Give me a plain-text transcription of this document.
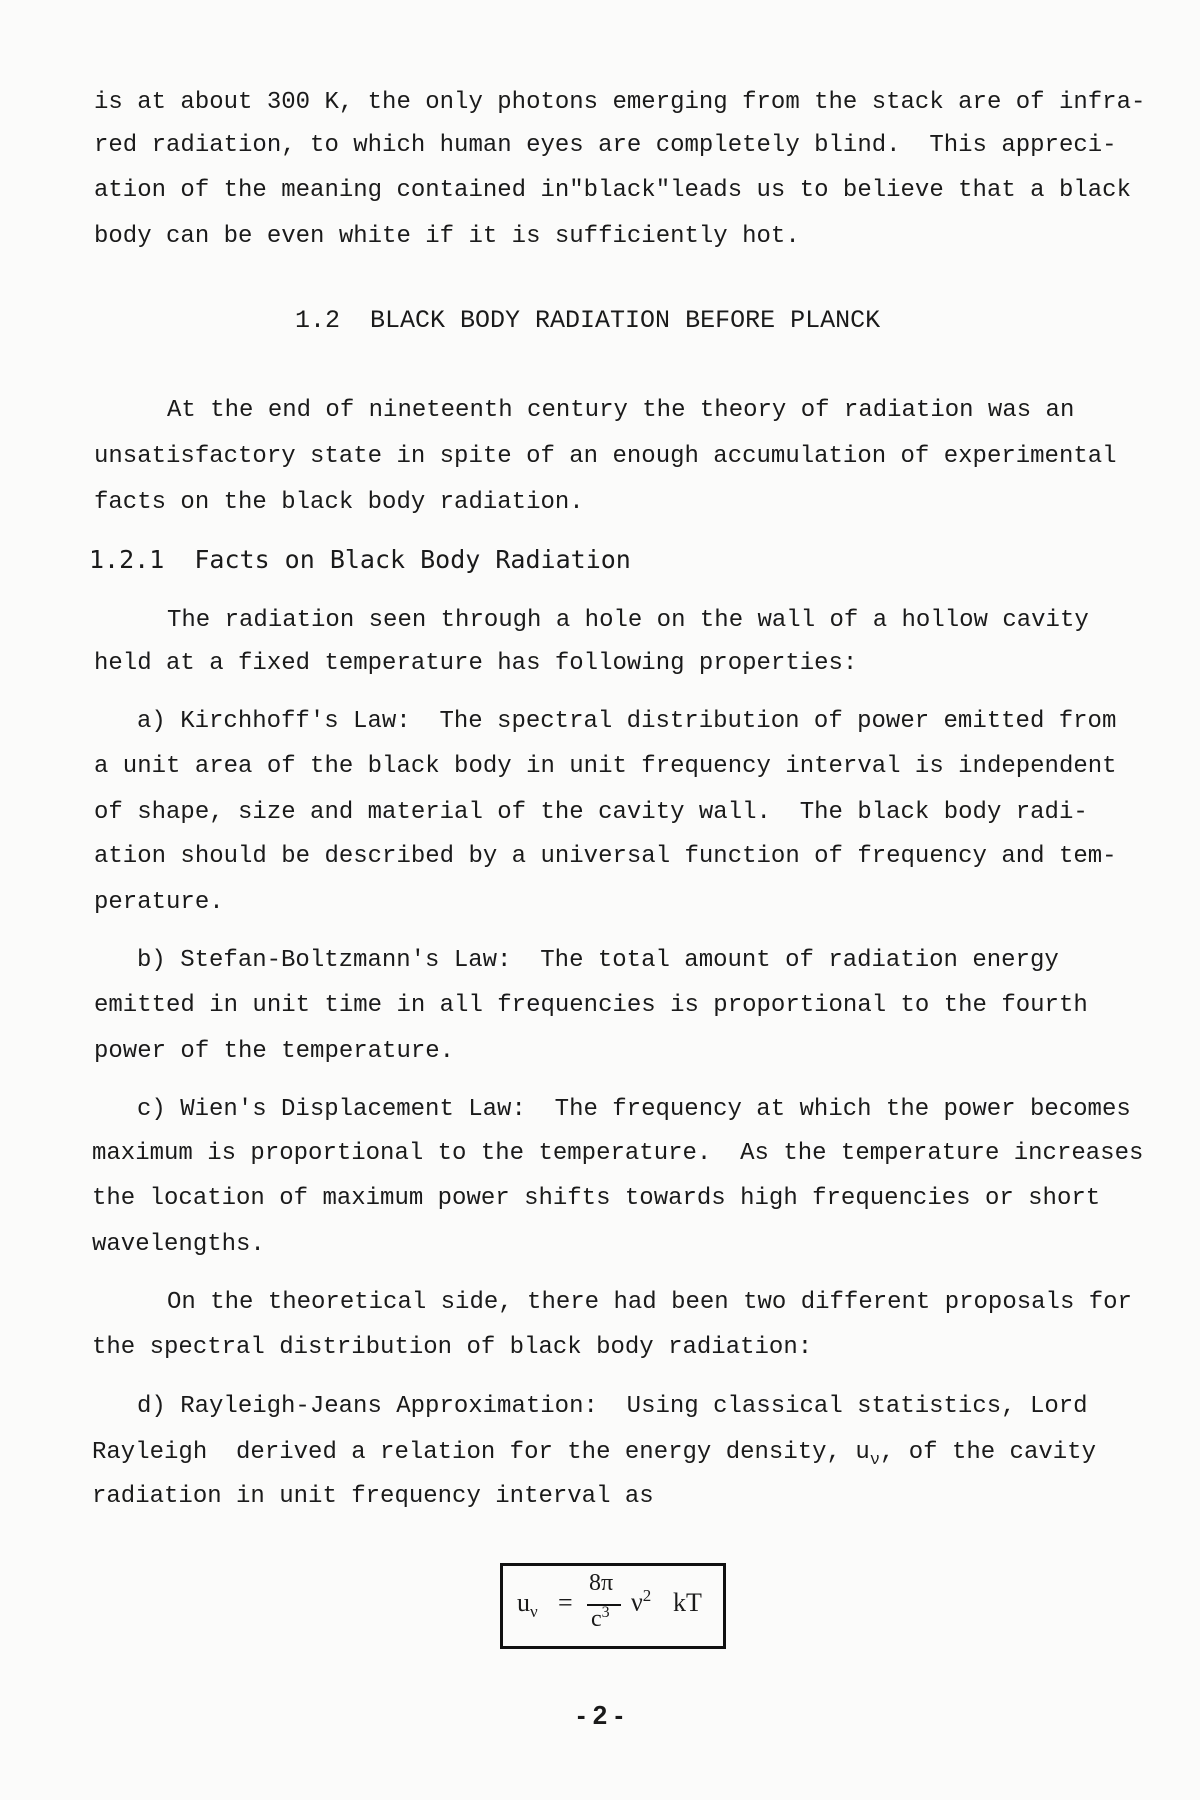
is at about 300 K, the only photons emerging from the stack are of infra-
red radiation, to which human eyes are completely blind.  This appreci-
ation of the meaning contained in"black"leads us to believe that a black
body can be even white if it is sufficiently hot.
1.2  BLACK BODY RADIATION BEFORE PLANCK
At the end of nineteenth century the theory of radiation was an
unsatisfactory state in spite of an enough accumulation of experimental
facts on the black body radiation.
1.2.1  Facts on Black Body Radiation
The radiation seen through a hole on the wall of a hollow cavity
held at a fixed temperature has following properties:
a) Kirchhoff's Law:  The spectral distribution of power emitted from
a unit area of the black body in unit frequency interval is independent
of shape, size and material of the cavity wall.  The black body radi-
ation should be described by a universal function of frequency and tem-
perature.
b) Stefan-Boltzmann's Law:  The total amount of radiation energy
emitted in unit time in all frequencies is proportional to the fourth
power of the temperature.
c) Wien's Displacement Law:  The frequency at which the power becomes
maximum is proportional to the temperature.  As the temperature increases
the location of maximum power shifts towards high frequencies or short
wavelengths.
On the theoretical side, there had been two different proposals for
the spectral distribution of black body radiation:
d) Rayleigh-Jeans Approximation:  Using classical statistics, Lord
Rayleigh  derived a relation for the energy density, $u_\nu$, of the cavity
radiation in unit frequency interval as
$u_\nu$ =
8π
$c^3$ $\nu^2$ kT
- 2 -
